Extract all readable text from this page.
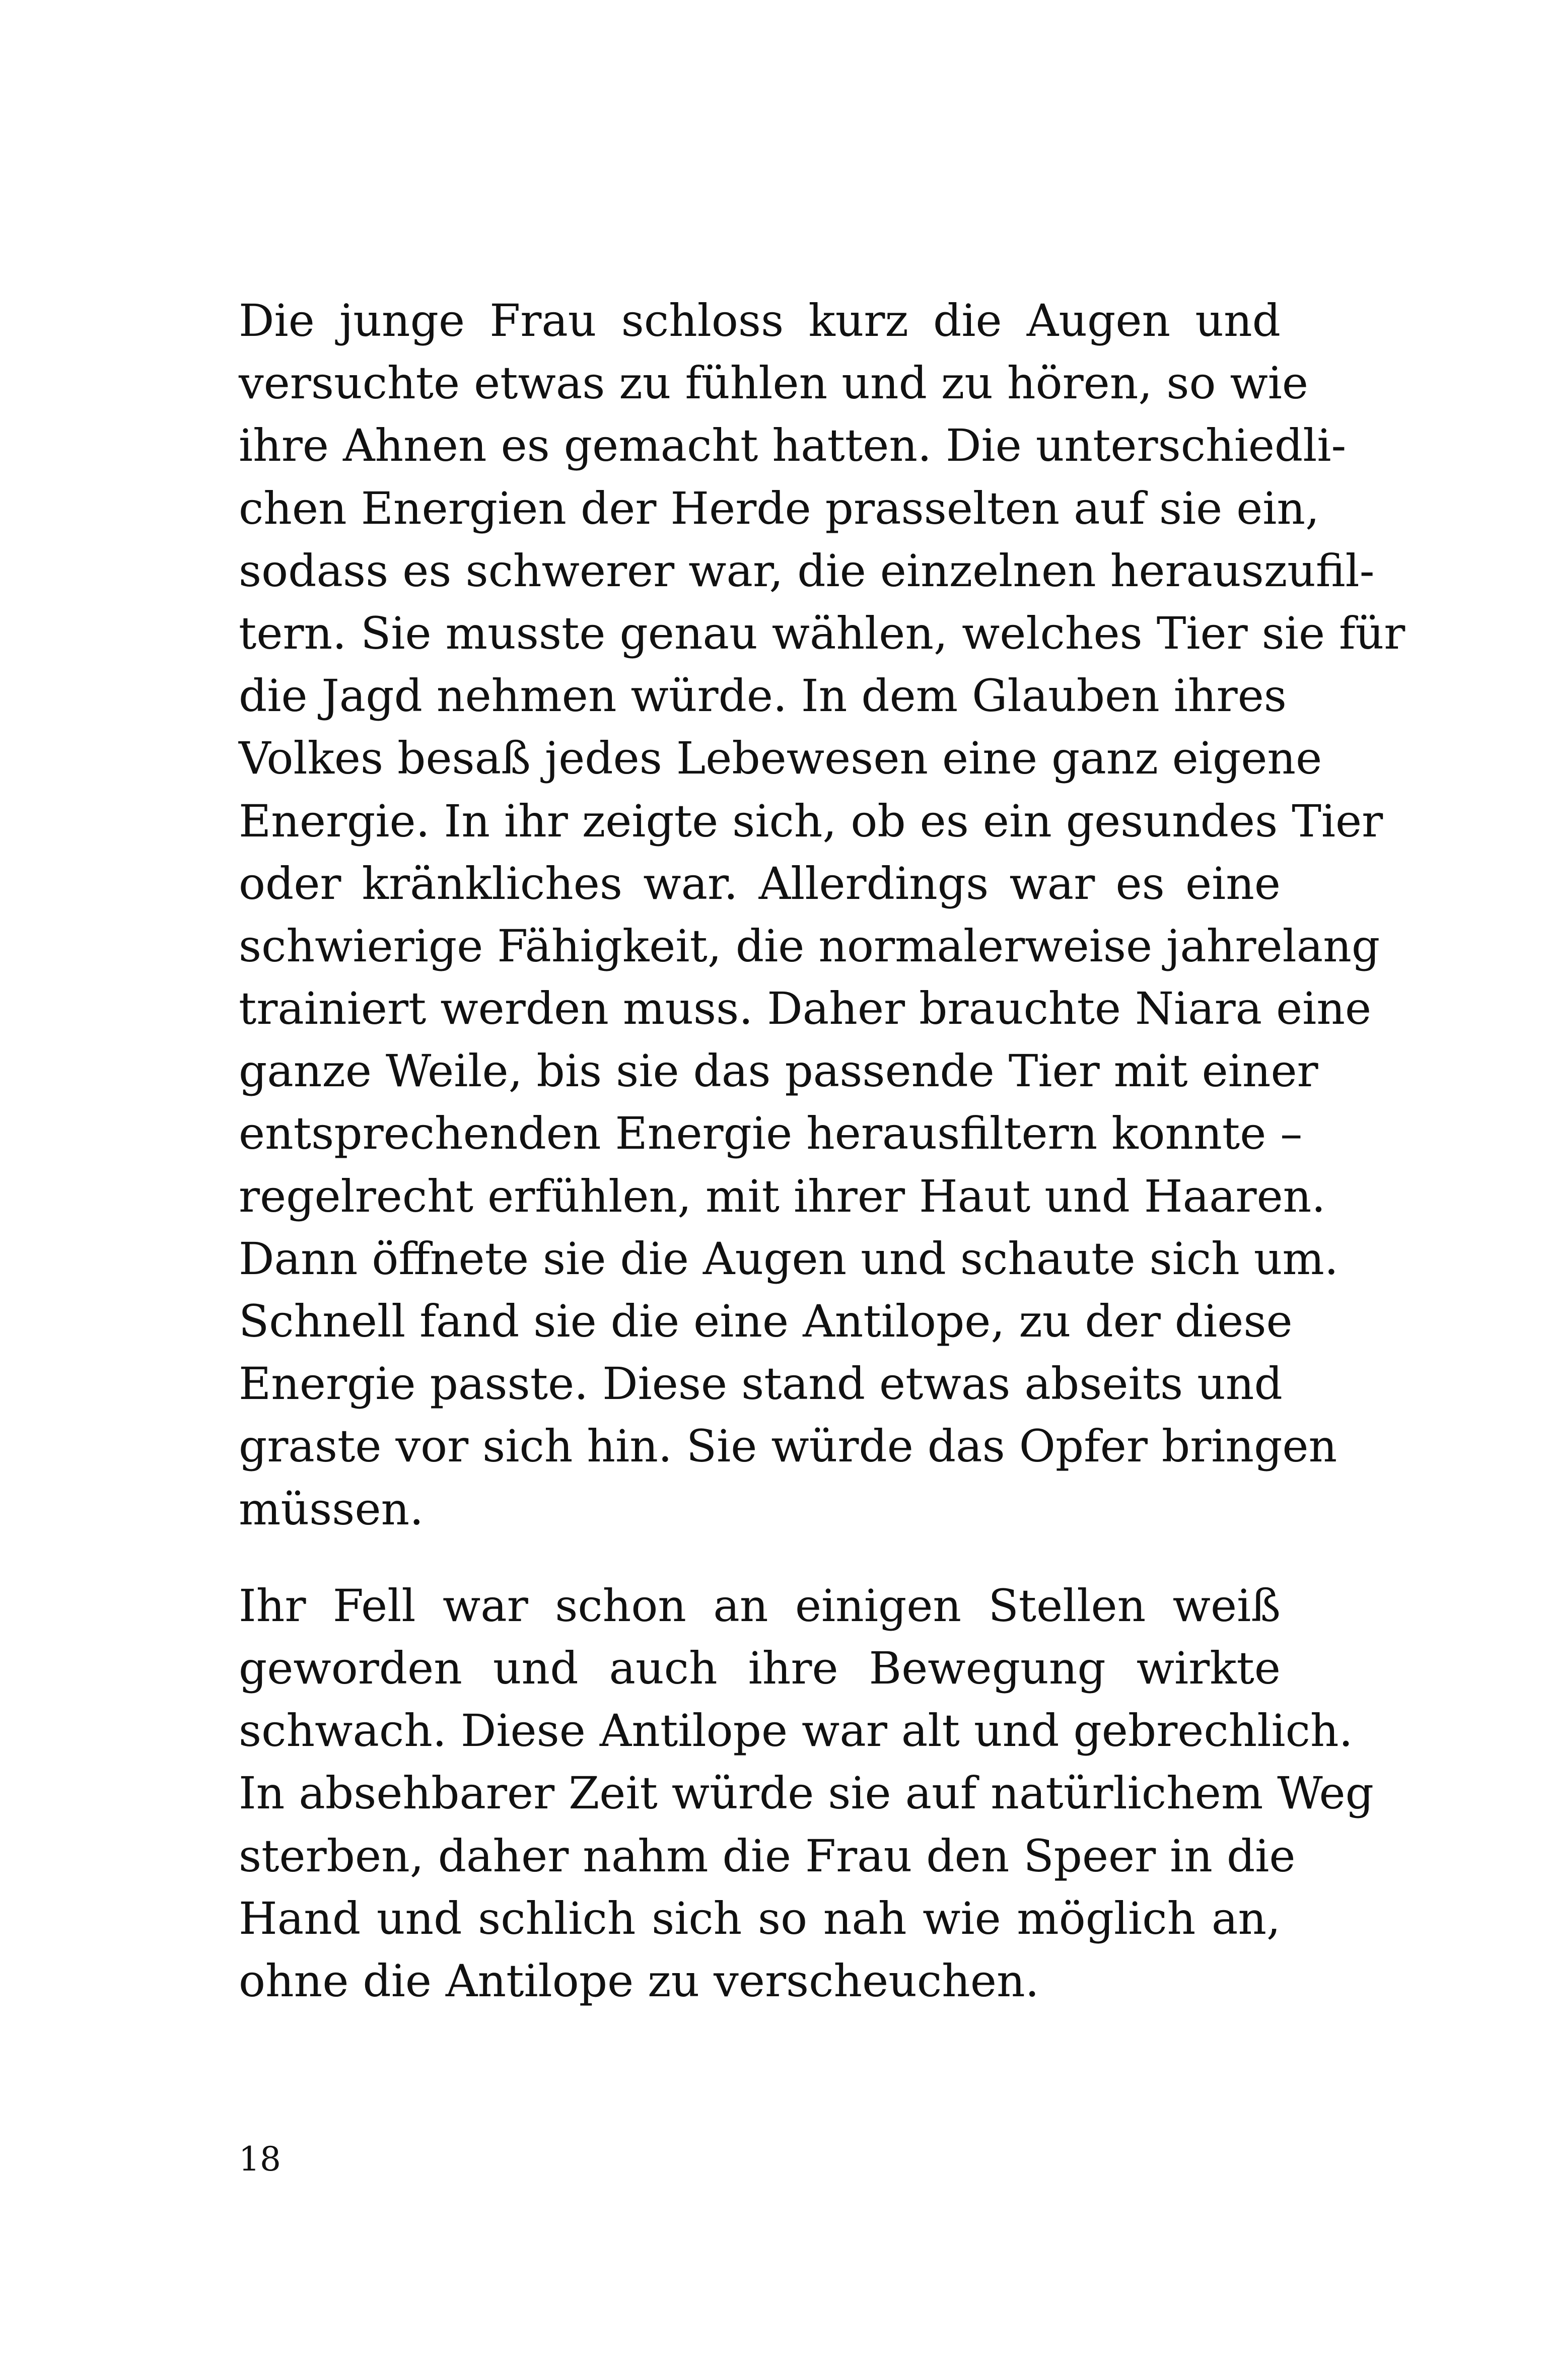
Die junge Frau schloss kurz die Augen und
versuchte etwas zu fühlen und zu hören, so wie
ihre Ahnen es gemacht hatten. Die unterschiedli-
chen Energien der Herde prasselten auf sie ein,
sodass es schwerer war, die einzelnen herauszufil-
tern. Sie musste genau wählen, welches Tier sie für
die Jagd nehmen würde. In dem Glauben ihres
Volkes besaß jedes Lebewesen eine ganz eigene
Energie. In ihr zeigte sich, ob es ein gesundes Tier
oder kränkliches war. Allerdings war es eine
schwierige Fähigkeit, die normalerweise jahrelang
trainiert werden muss. Daher brauchte Niara eine
ganze Weile, bis sie das passende Tier mit einer
entsprechenden Energie herausfiltern konnte –
regelrecht erfühlen, mit ihrer Haut und Haaren.
Dann öffnete sie die Augen und schaute sich um.
Schnell fand sie die eine Antilope, zu der diese
Energie passte. Diese stand etwas abseits und
graste vor sich hin. Sie würde das Opfer bringen
müssen.

Ihr Fell war schon an einigen Stellen weiß
geworden und auch ihre Bewegung wirkte
schwach. Diese Antilope war alt und gebrechlich.
In absehbarer Zeit würde sie auf natürlichem Weg
sterben, daher nahm die Frau den Speer in die
Hand und schlich sich so nah wie möglich an,
ohne die Antilope zu verscheuchen.

18
